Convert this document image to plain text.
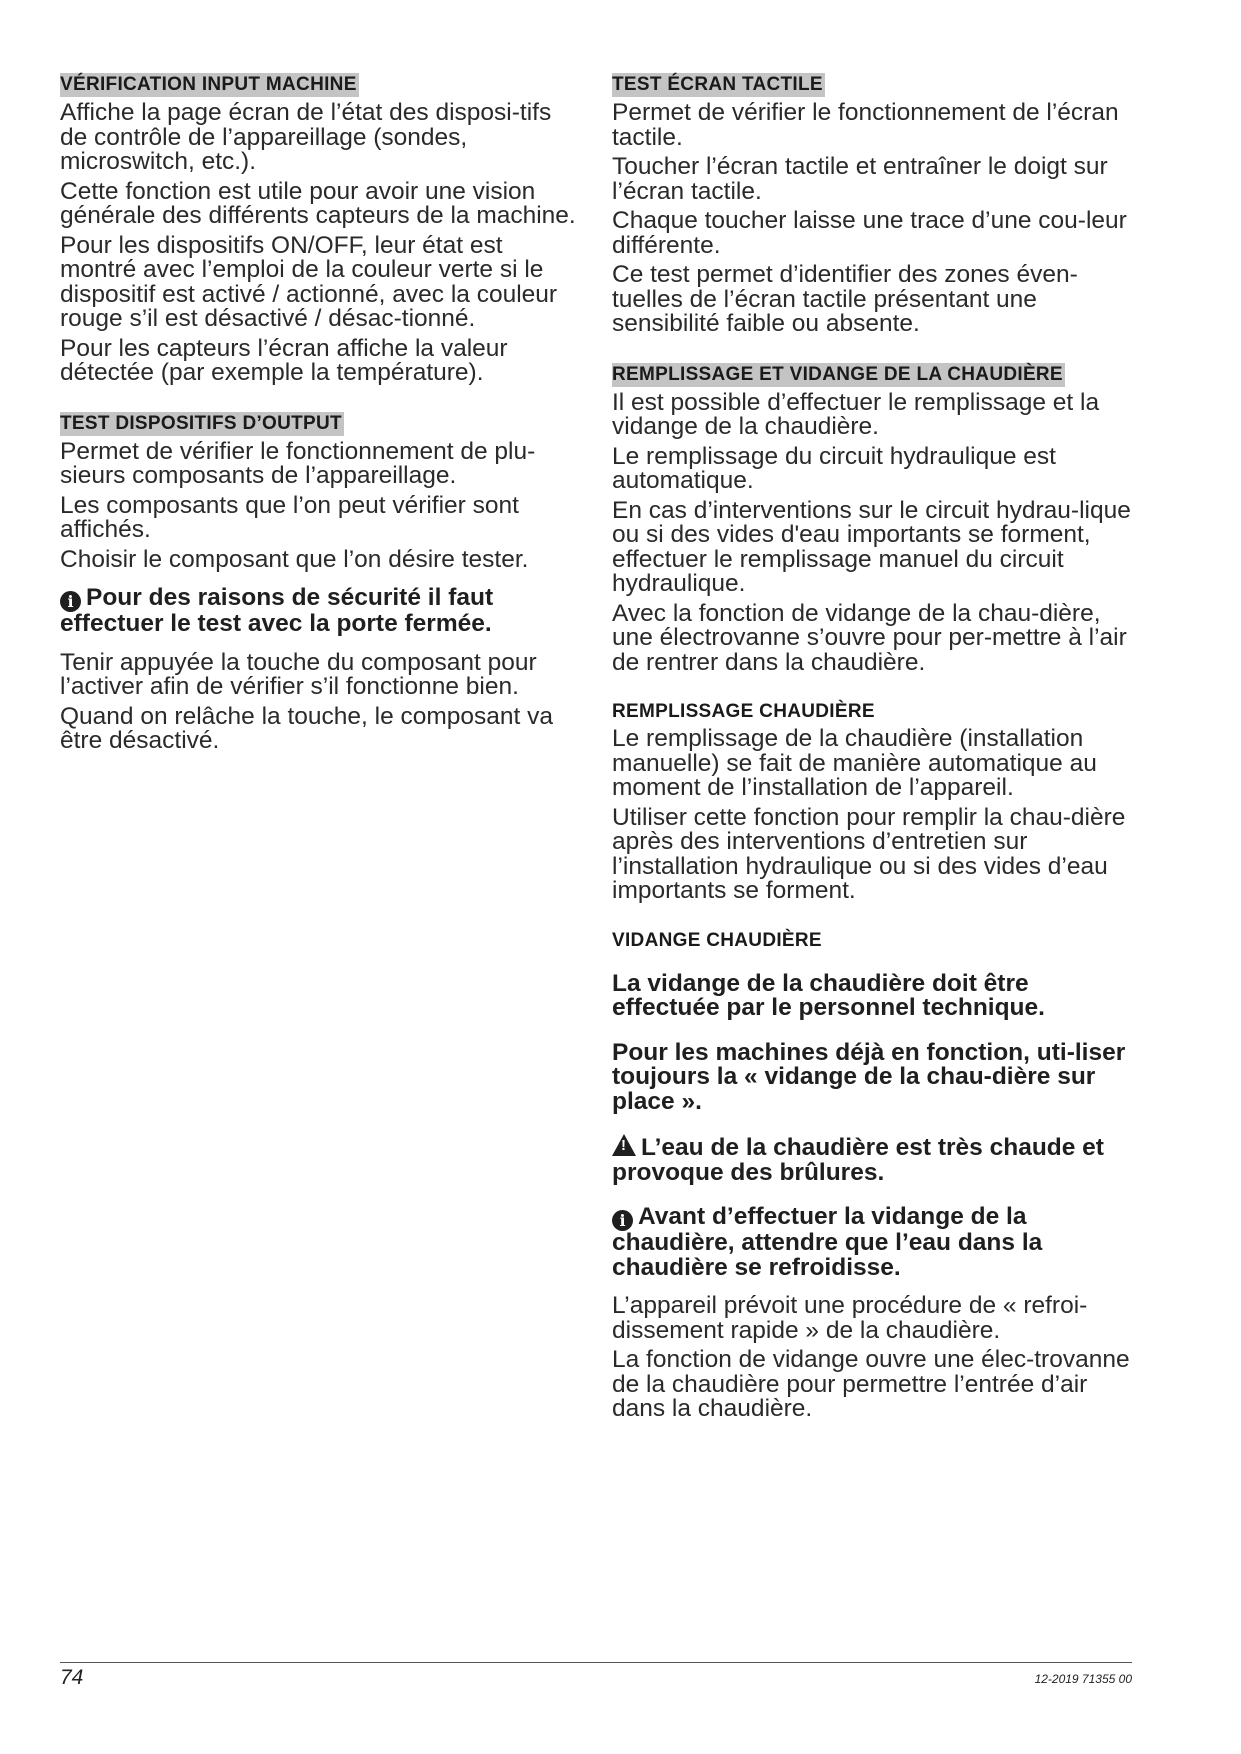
VÉRIFICATION INPUT MACHINE

Affiche la page écran de l’état des disposi-tifs de contrôle de l’appareillage (sondes, microswitch, etc.).

Cette fonction est utile pour avoir une vision générale des différents capteurs de la machine.

Pour les dispositifs ON/OFF, leur état est montré avec l’emploi de la couleur verte si le dispositif est activé / actionné, avec la couleur rouge s’il est désactivé / désac-tionné.

Pour les capteurs l’écran affiche la valeur détectée (par exemple la température).

TEST DISPOSITIFS D’OUTPUT

Permet de vérifier le fonctionnement de plu-sieurs composants de l’appareillage.

Les composants que l’on peut vérifier sont affichés.

Choisir le composant que l’on désire tester.

i Pour des raisons de sécurité il faut effectuer le test avec la porte fermée.

Tenir appuyée la touche du composant pour l’activer afin de vérifier s’il fonctionne bien.

Quand on relâche la touche, le composant va être désactivé.

TEST ÉCRAN TACTILE

Permet de vérifier le fonctionnement de l’écran tactile.

Toucher l’écran tactile et entraîner le doigt sur l’écran tactile.

Chaque toucher laisse une trace d’une cou-leur différente.

Ce test permet d’identifier des zones éven-tuelles de l’écran tactile présentant une sensibilité faible ou absente.

REMPLISSAGE ET VIDANGE DE LA CHAUDIÈRE

Il est possible d’effectuer le remplissage et la vidange de la chaudière.

Le remplissage du circuit hydraulique est automatique.

En cas d’interventions sur le circuit hydrau-lique ou si des vides d'eau importants se forment, effectuer le remplissage manuel du circuit hydraulique.

Avec la fonction de vidange de la chau-dière, une électrovanne s’ouvre pour per-mettre à l’air de rentrer dans la chaudière.

REMPLISSAGE CHAUDIÈRE

Le remplissage de la chaudière (installation manuelle) se fait de manière automatique au moment de l’installation de l’appareil.

Utiliser cette fonction pour remplir la chau-dière après des interventions d’entretien sur l’installation hydraulique ou si des vides d’eau importants se forment.

VIDANGE CHAUDIÈRE
La vidange de la chaudière doit être effectuée par le personnel technique.
Pour les machines déjà en fonction, uti-liser toujours la « vidange de la chau-dière sur place ».
!L’eau de la chaudière est très chaude et provoque des brûlures.
i Avant d’effectuer la vidange de la chaudière, attendre que l’eau dans la chaudière se refroidisse.

L’appareil prévoit une procédure de « refroi-dissement rapide » de la chaudière.

La fonction de vidange ouvre une élec-trovanne de la chaudière pour permettre l’entrée d’air dans la chaudière.

74	12-2019 71355 00
